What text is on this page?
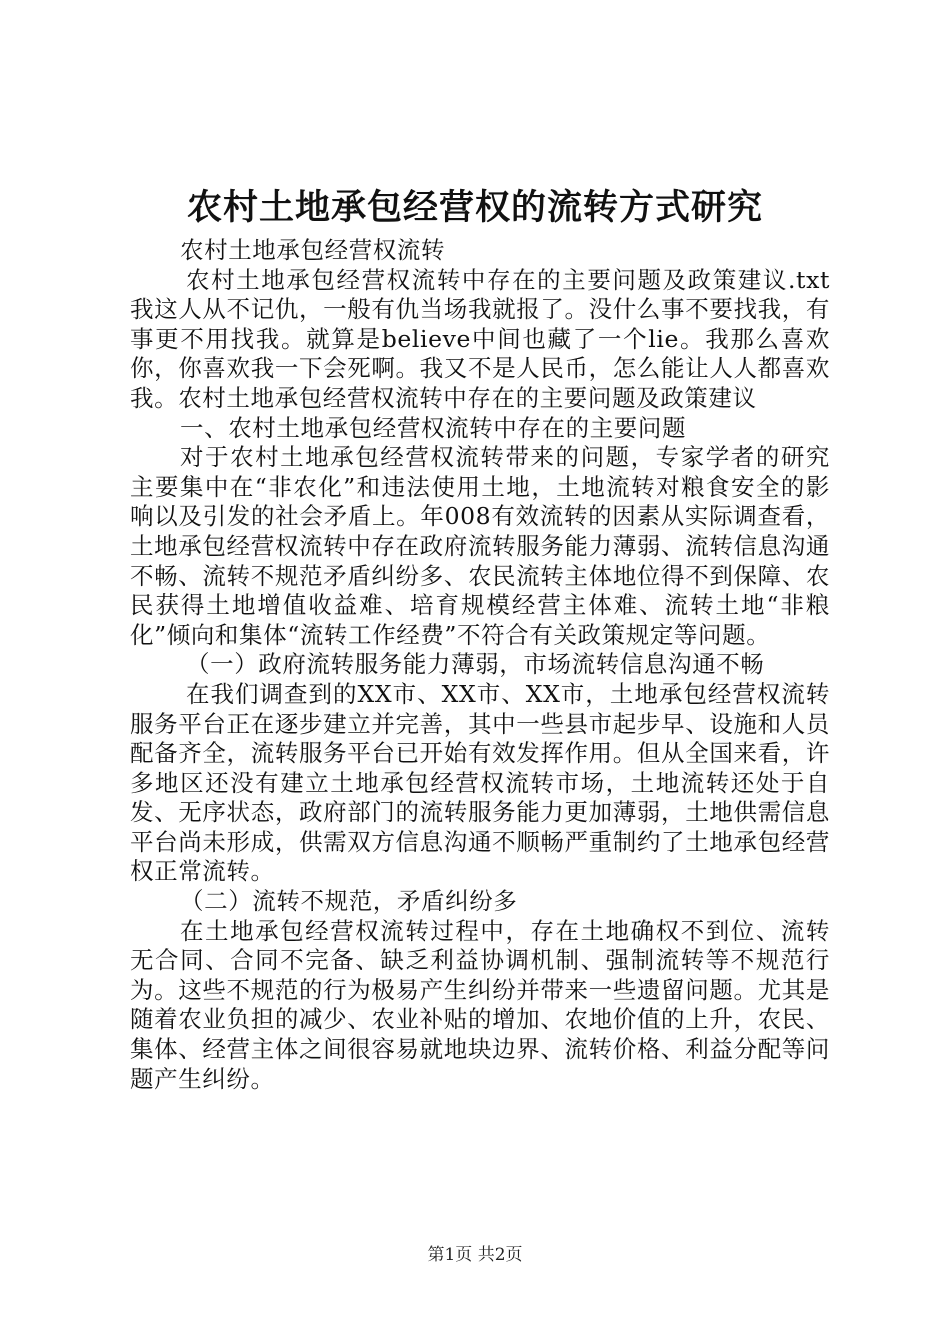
农村土地承包经营权的流转方式研究

农村土地承包经营权流转

农村土地承包经营权流转中存在的主要问题及政策建议.txt我这人从不记仇，一般有仇当场我就报了。没什么事不要找我，有事更不用找我。就算是believe中间也藏了一个lie。我那么喜欢你，你喜欢我一下会死啊。我又不是人民币，怎么能让人人都喜欢我。农村土地承包经营权流转中存在的主要问题及政策建议

一、农村土地承包经营权流转中存在的主要问题

对于农村土地承包经营权流转带来的问题，专家学者的研究主要集中在“非农化”和违法使用土地，土地流转对粮食安全的影响以及引发的社会矛盾上。年008有效流转的因素从实际调查看，土地承包经营权流转中存在政府流转服务能力薄弱、流转信息沟通不畅、流转不规范矛盾纠纷多、农民流转主体地位得不到保障、农民获得土地增值收益难、培育规模经营主体难、流转土地“非粮化”倾向和集体“流转工作经费”不符合有关政策规定等问题。

（一）政府流转服务能力薄弱，市场流转信息沟通不畅

在我们调查到的XX市、XX市、XX市，土地承包经营权流转服务平台正在逐步建立并完善，其中一些县市起步早、设施和人员配备齐全，流转服务平台已开始有效发挥作用。但从全国来看，许多地区还没有建立土地承包经营权流转市场，土地流转还处于自发、无序状态，政府部门的流转服务能力更加薄弱，土地供需信息平台尚未形成，供需双方信息沟通不顺畅严重制约了土地承包经营权正常流转。

（二）流转不规范，矛盾纠纷多

在土地承包经营权流转过程中，存在土地确权不到位、流转无合同、合同不完备、缺乏利益协调机制、强制流转等不规范行为。这些不规范的行为极易产生纠纷并带来一些遗留问题。尤其是随着农业负担的减少、农业补贴的增加、农地价值的上升，农民、集体、经营主体之间很容易就地块边界、流转价格、利益分配等问题产生纠纷。

第1页 共2页
